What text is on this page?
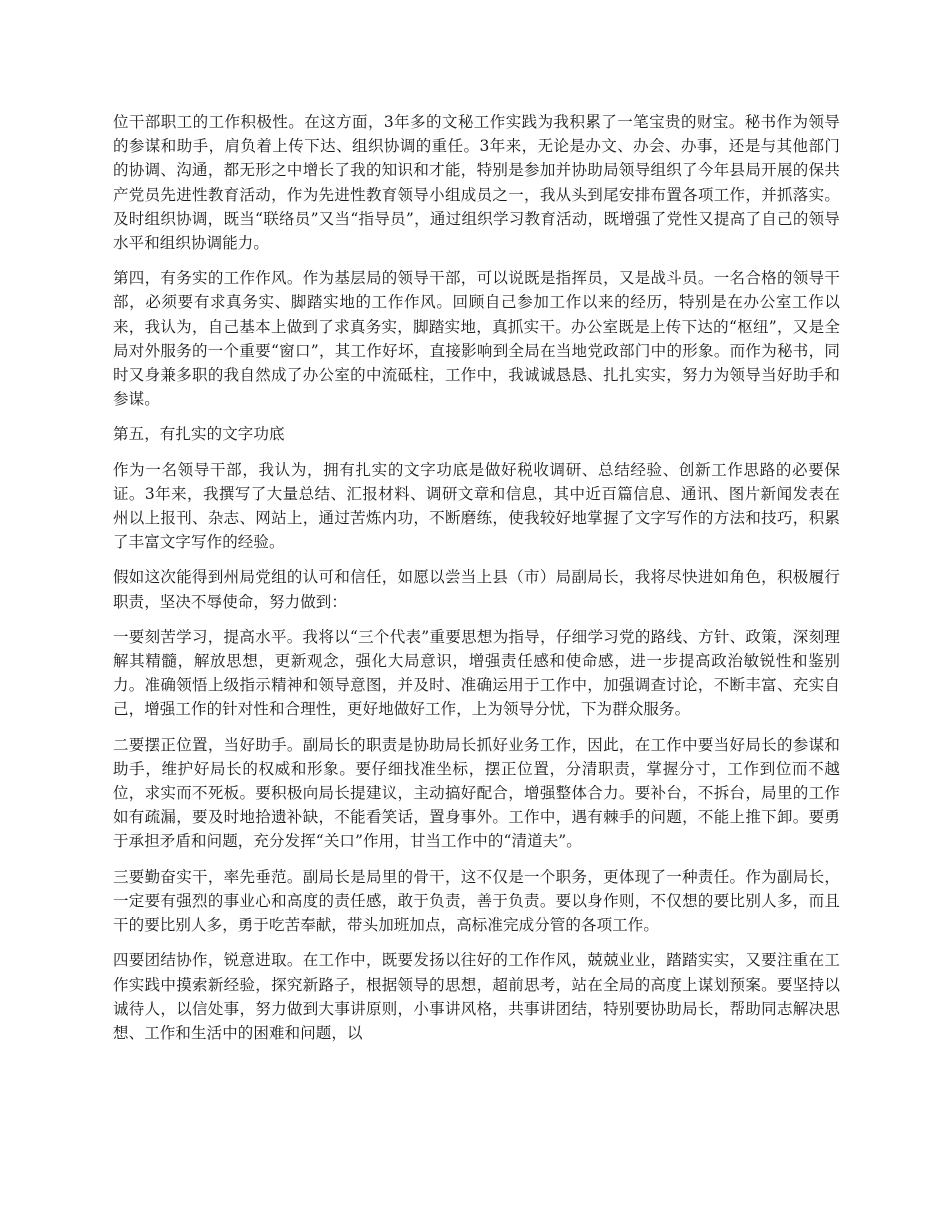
位干部职工的工作积极性。在这方面，3年多的文秘工作实践为我积累了一笔宝贵的财宝。秘书作为领导的参谋和助手，肩负着上传下达、组织协调的重任。3年来，无论是办文、办会、办事，还是与其他部门的协调、沟通，都无形之中增长了我的知识和才能，特别是参加并协助局领导组织了今年县局开展的保共产党员先进性教育活动，作为先进性教育领导小组成员之一，我从头到尾安排布置各项工作，并抓落实。及时组织协调，既当“联络员”又当“指导员”，通过组织学习教育活动，既增强了党性又提高了自己的领导水平和组织协调能力。

第四，有务实的工作作风。作为基层局的领导干部，可以说既是指挥员，又是战斗员。一名合格的领导干部，必须要有求真务实、脚踏实地的工作作风。回顾自己参加工作以来的经历，特别是在办公室工作以来，我认为，自己基本上做到了求真务实，脚踏实地，真抓实干。办公室既是上传下达的“枢纽”，又是全局对外服务的一个重要“窗口”，其工作好坏，直接影响到全局在当地党政部门中的形象。而作为秘书，同时又身兼多职的我自然成了办公室的中流砥柱，工作中，我诚诚恳恳、扎扎实实，努力为领导当好助手和参谋。

第五，有扎实的文字功底

作为一名领导干部，我认为，拥有扎实的文字功底是做好税收调研、总结经验、创新工作思路的必要保证。3年来，我撰写了大量总结、汇报材料、调研文章和信息，其中近百篇信息、通讯、图片新闻发表在州以上报刊、杂志、网站上，通过苦炼内功，不断磨练，使我较好地掌握了文字写作的方法和技巧，积累了丰富文字写作的经验。

假如这次能得到州局党组的认可和信任，如愿以尝当上县（市）局副局长，我将尽快进如角色，积极履行职责，坚决不辱使命，努力做到：

一要刻苦学习，提高水平。我将以“三个代表”重要思想为指导，仔细学习党的路线、方针、政策，深刻理解其精髓，解放思想，更新观念，强化大局意识，增强责任感和使命感，进一步提高政治敏锐性和鉴别力。准确领悟上级指示精神和领导意图，并及时、准确运用于工作中，加强调查讨论，不断丰富、充实自己，增强工作的针对性和合理性，更好地做好工作，上为领导分忧，下为群众服务。

二要摆正位置，当好助手。副局长的职责是协助局长抓好业务工作，因此，在工作中要当好局长的参谋和助手，维护好局长的权威和形象。要仔细找准坐标，摆正位置，分清职责，掌握分寸，工作到位而不越位，求实而不死板。要积极向局长提建议，主动搞好配合，增强整体合力。要补台，不拆台，局里的工作如有疏漏，要及时地拾遗补缺，不能看笑话，置身事外。工作中，遇有棘手的问题，不能上推下卸。要勇于承担矛盾和问题，充分发挥“关口”作用，甘当工作中的“清道夫”。

三要勤奋实干，率先垂范。副局长是局里的骨干，这不仅是一个职务，更体现了一种责任。作为副局长，一定要有强烈的事业心和高度的责任感，敢于负责，善于负责。要以身作则，不仅想的要比别人多，而且干的要比别人多，勇于吃苦奉献，带头加班加点，高标准完成分管的各项工作。

四要团结协作，锐意进取。在工作中，既要发扬以往好的工作作风，兢兢业业，踏踏实实，又要注重在工作实践中摸索新经验，探究新路子，根据领导的思想，超前思考，站在全局的高度上谋划预案。要坚持以诚待人，以信处事，努力做到大事讲原则，小事讲风格，共事讲团结，特别要协助局长，帮助同志解决思想、工作和生活中的困难和问题，以
